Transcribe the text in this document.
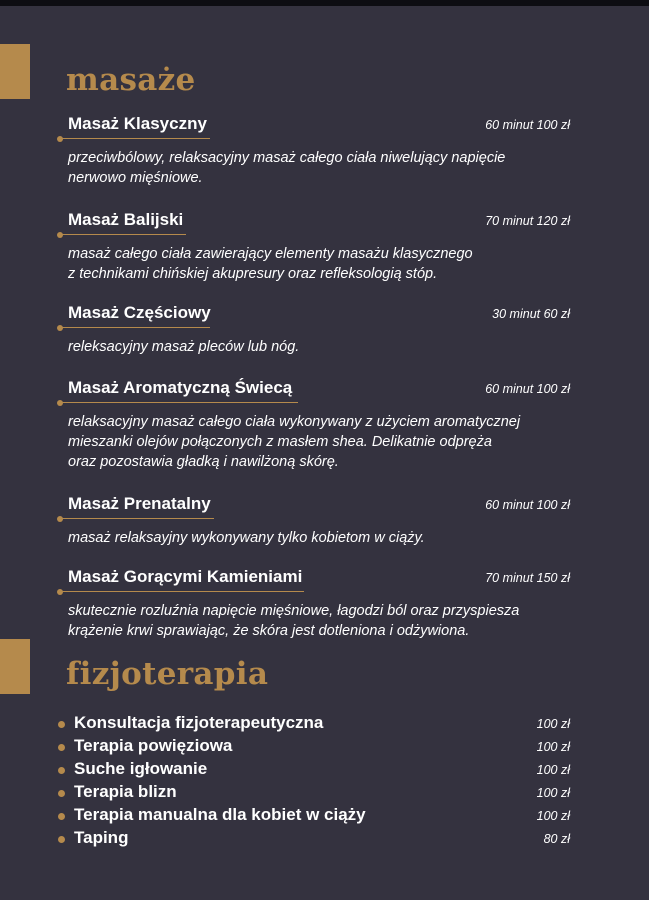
masaże
Masaż Klasyczny	60 minut 100 zł

przeciwbólowy, relaksacyjny masaż całego ciała niwelujący napięcie
nerwowo mięśniowe.

Masaż Balijski	70 minut 120 zł

masaż całego ciała zawierający elementy masażu klasycznego
z technikami chińskiej akupresury oraz refleksologią stóp.

Masaż Częściowy	30 minut 60 zł

releksacyjny masaż pleców lub nóg.

Masaż Aromatyczną Świecą	60 minut 100 zł

relaksacyjny masaż całego ciała wykonywany z użyciem aromatycznej
mieszanki olejów połączonych z masłem shea. Delikatnie odpręża
oraz pozostawia gładką i nawilżoną skórę.

Masaż Prenatalny	60 minut 100 zł

masaż relaksayjny wykonywany tylko kobietom w ciąży.

Masaż Gorącymi Kamieniami	70 minut 150 zł

skutecznie rozluźnia napięcie mięśniowe, łagodzi ból oraz przyspiesza
krążenie krwi sprawiając, że skóra jest dotleniona i odżywiona.

fizjoterapia
Konsultacja fizjoterapeutyczna	100 zł
Terapia powięziowa	100 zł
Suche igłowanie	100 zł
Terapia blizn	100 zł
Terapia manualna dla kobiet w ciąży	100 zł
Taping	80 zł
